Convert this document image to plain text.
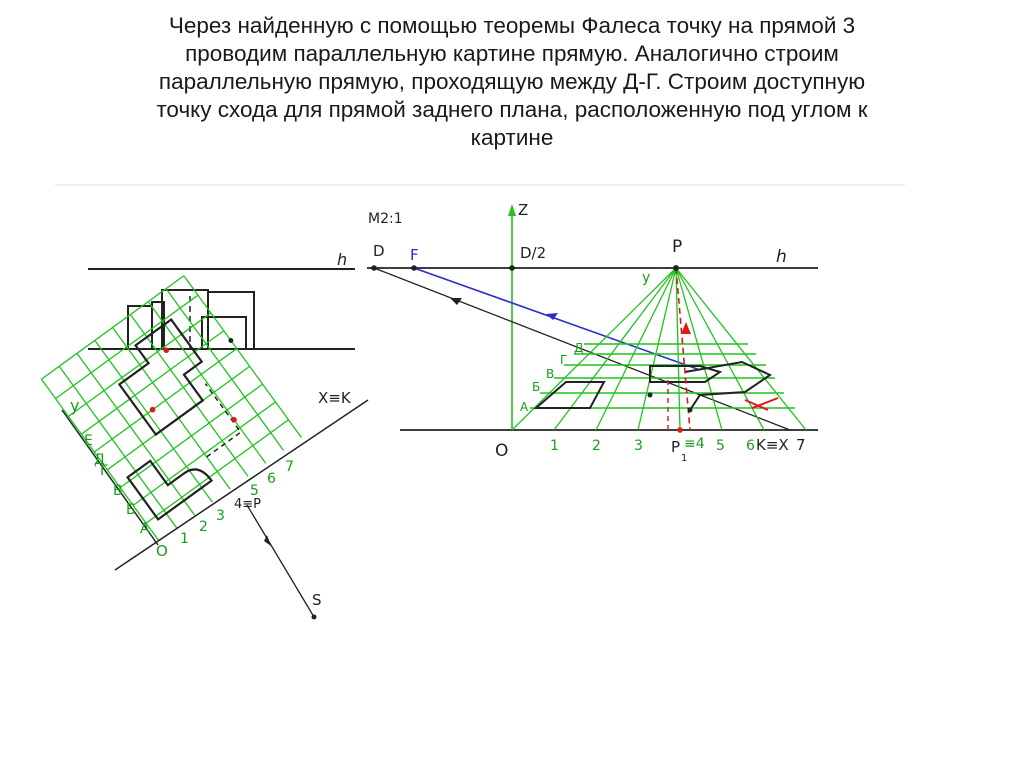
Через найденную с помощью теоремы Фалеса точку на прямой 3
проводим параллельную картине прямую. Аналогично строим
параллельную прямую, проходящую между Д-Г. Строим доступную
точку схода для прямой заднего плана, расположенную под углом к
картине
h
X≡K
y
O
4≡P
S
1
2
3
5
6
7
A
Б
В
Г
Д
Е
M2:1
D F	D/2	P	h
Z
y
O	1 2 3	5 6
P
1
≡4	K≡X 7
A
Б
В
Г
Д
